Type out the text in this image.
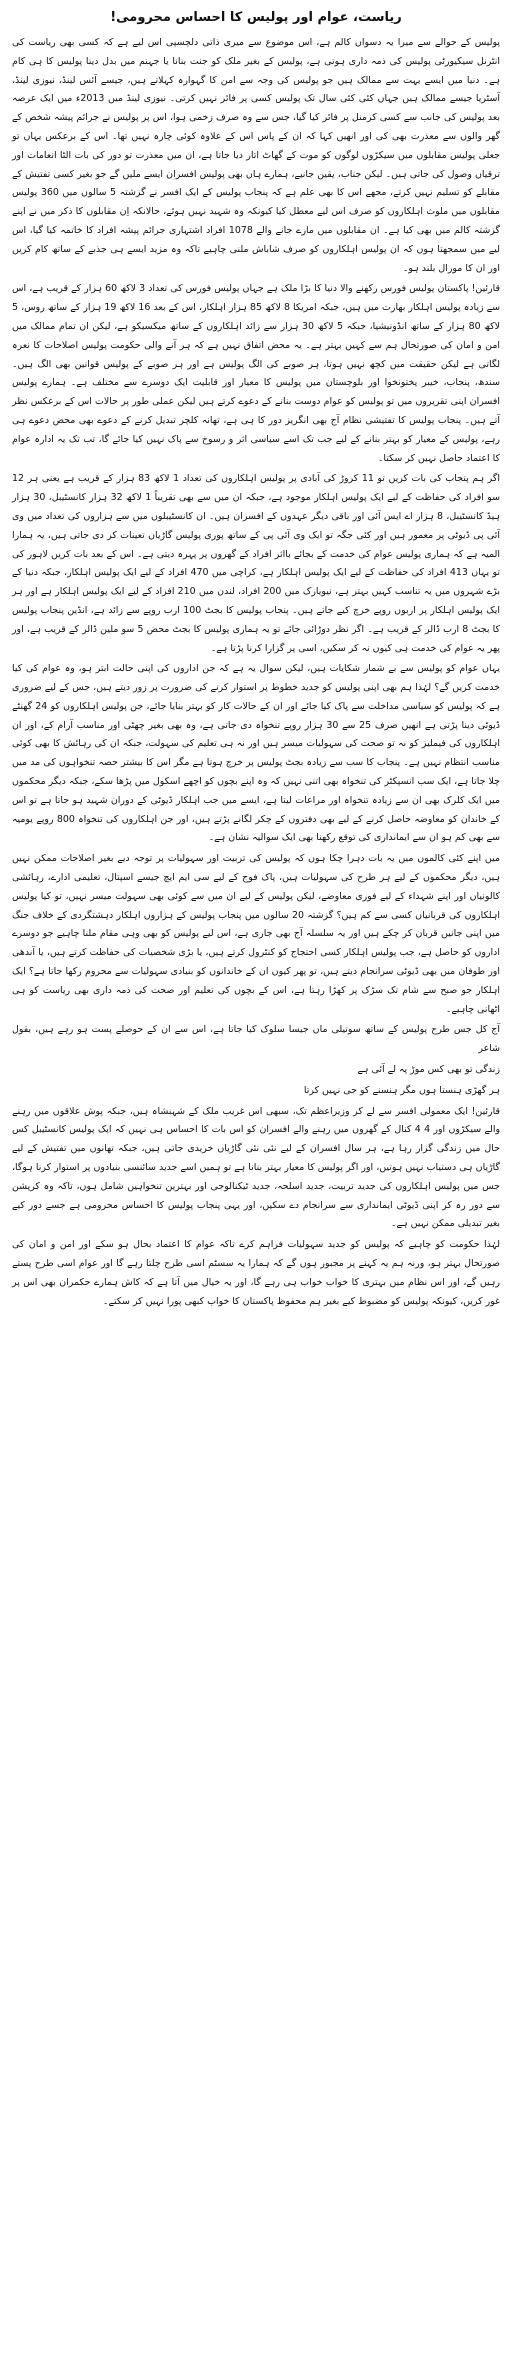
ریاست، عوام اور پولیس کا احساس محرومی!

پولیس کے حوالے سے میرا یہ دسواں کالم ہے، اس موضوع سے میری ذاتی دلچسپی اس لیے ہے کہ کسی بھی ریاست کی انٹرنل سیکیورٹی پولیس کی ذمہ داری ہوتی ہے، پولیس کے بغیر ملک کو جنت بنانا یا جہنم میں بدل دینا پولیس کا ہی کام ہے۔ دنیا میں ایسے بہت سے ممالک ہیں جو پولیس کی وجہ سے امن کا گہوارہ کہلاتے ہیں، جیسے آئس لینڈ، نیوزی لینڈ، آسٹریا جیسے ممالک ہیں جہاں کئی کئی سال تک پولیس کسی پر فائر نہیں کرتی۔ نیوزی لینڈ میں 2013ء میں ایک عرصہ بعد پولیس کی جانب سے کسی کرمنل پر فائر کیا گیا، جس سے وہ صرف زخمی ہوا، اس پر پولیس نے جرائم پیشہ شخص کے گھر والوں سے معذرت بھی کی اور انھیں کہا کہ ان کے پاس اس کے علاوہ کوئی چارہ نہیں تھا۔ اس کے برعکس یہاں تو جعلی پولیس مقابلوں میں سیکڑوں لوگوں کو موت کے گھاٹ اتار دیا جاتا ہے، ان میں معذرت تو دور کی بات الٹا انعامات اور ترقیاں وصول کی جاتی ہیں۔ لیکن جناب، یقین جانیے، ہمارے ہاں بھی پولیس افسران ایسے ملیں گے جو بغیر کسی تفتیش کے مقابلے کو تسلیم نہیں کرتے، مجھے اس کا بھی علم ہے کہ پنجاب پولیس کے ایک افسر نے گزشتہ 5 سالوں میں 360 پولیس مقابلوں میں ملوث اہلکاروں کو صرف اس لیے معطل کیا کیونکہ وہ شہید نہیں ہوئے، حالانکہ اِن مقابلوں کا ذکر میں نے اپنے گزشتہ کالم میں بھی کیا ہے۔ ان مقابلوں میں مارے جانے والے 1078 افراد اشتہاری جرائم پیشہ افراد کا خاتمہ کیا گیا، اس لیے میں سمجھتا ہوں کہ ان پولیس اہلکاروں کو صرف شاباش ملنی چاہیے تاکہ وہ مزید ایسے ہی جذبے کے ساتھ کام کریں اور ان کا مورال بلند ہو۔

قارئین! پاکستان پولیس فورس رکھنے والا دنیا کا بڑا ملک ہے جہاں پولیس فورس کی تعداد 3 لاکھ 60 ہزار کے قریب ہے، اس سے زیادہ پولیس اہلکار بھارت میں ہیں، جبکہ امریکا 8 لاکھ 85 ہزار اہلکار، اس کے بعد 16 لاکھ 19 ہزار کے ساتھ روس، 5 لاکھ 80 ہزار کے ساتھ انڈونیشیا، جبکہ 5 لاکھ 30 ہزار سے زائد اہلکاروں کے ساتھ میکسیکو ہے، لیکن ان تمام ممالک میں امن و امان کی صورتحال ہم سے کہیں بہتر ہے۔ یہ محض اتفاق نہیں ہے کہ ہر آنے والی حکومت پولیس اصلاحات کا نعرہ لگاتی ہے لیکن حقیقت میں کچھ نہیں ہوتا، ہر صوبے کی الگ پولیس ہے اور ہر صوبے کے پولیس قوانین بھی الگ ہیں۔ سندھ، پنجاب، خیبر پختونخوا اور بلوچستان میں پولیس کا معیار اور قابلیت ایک دوسرے سے مختلف ہے۔ ہمارے پولیس افسران اپنی تقریروں میں تو پولیس کو عوام دوست بنانے کے دعوے کرتے ہیں لیکن عملی طور پر حالات اس کے برعکس نظر آتے ہیں۔ پنجاب پولیس کا تفتیشی نظام آج بھی انگریز دور کا ہی ہے، تھانہ کلچر تبدیل کرنے کے دعوے بھی محض دعوے ہی رہے، پولیس کے معیار کو بہتر بنانے کے لیے جب تک اسے سیاسی اثر و رسوخ سے پاک نہیں کیا جائے گا، تب تک یہ ادارہ عوام کا اعتماد حاصل نہیں کر سکتا۔

اگر ہم پنجاب کی بات کریں تو 11 کروڑ کی آبادی پر پولیس اہلکاروں کی تعداد 1 لاکھ 83 ہزار کے قریب ہے یعنی ہر 12 سو افراد کی حفاظت کے لیے ایک پولیس اہلکار موجود ہے، جبکہ ان میں سے بھی تقریباً 1 لاکھ 32 ہزار کانسٹیبل، 30 ہزار ہیڈ کانسٹیبل، 8 ہزار اے ایس آئی اور باقی دیگر عہدوں کے افسران ہیں۔ ان کانسٹیبلوں میں سے ہزاروں کی تعداد میں وی آئی پی ڈیوٹی پر معمور ہیں اور کئی جگہ تو ایک وی آئی پی کے ساتھ پوری پولیس گاڑیاں تعینات کر دی جاتی ہیں، یہ ہمارا المیہ ہے کہ ہماری پولیس عوام کی خدمت کے بجائے بااثر افراد کے گھروں پر پہرہ دیتی ہے۔ اس کے بعد بات کریں لاہور کی تو یہاں 413 افراد کی حفاظت کے لیے ایک پولیس اہلکار ہے، کراچی میں 470 افراد کے لیے ایک پولیس اہلکار، جبکہ دنیا کے بڑے شہروں میں یہ تناسب کہیں بہتر ہے، نیویارک میں 200 افراد، لندن میں 210 افراد کے لیے ایک پولیس اہلکار ہے اور ہر ایک پولیس اہلکار پر اربوں روپے خرچ کیے جاتے ہیں۔ پنجاب پولیس کا بجٹ 100 ارب روپے سے زائد ہے، انڈین پنجاب پولیس کا بجٹ 8 ارب ڈالر کے قریب ہے۔ اگر نظر دوڑائی جائے تو یہ ہماری پولیس کا بجٹ محض 5 سو ملین ڈالر کے قریب ہے، اور پھر یہ عوام کی خدمت ہی کیوں نہ کر سکیں، اسی پر گزارا کرنا پڑتا ہے۔

یہاں عوام کو پولیس سے بے شمار شکایات ہیں، لیکن سوال یہ ہے کہ جن اداروں کی اپنی حالت ابتر ہو، وہ عوام کی کیا خدمت کریں گے؟ لہٰذا ہم بھی اپنی پولیس کو جدید خطوط پر استوار کرنے کی ضرورت پر زور دیتے ہیں، جس کے لیے ضروری ہے کہ پولیس کو سیاسی مداخلت سے پاک کیا جائے اور ان کے حالات کار کو بہتر بنایا جائے، جن پولیس اہلکاروں کو 24 گھنٹے ڈیوٹی دینا پڑتی ہے انھیں صرف 25 سے 30 ہزار روپے تنخواہ دی جاتی ہے، وہ بھی بغیر چھٹی اور مناسب آرام کے، اور ان اہلکاروں کی فیملیز کو نہ تو صحت کی سہولیات میسر ہیں اور نہ ہی تعلیم کی سہولت، جبکہ ان کی رہائش کا بھی کوئی مناسب انتظام نہیں ہے۔ پنجاب کا سب سے زیادہ بجٹ پولیس پر خرچ ہوتا ہے مگر اس کا بیشتر حصہ تنخواہوں کی مد میں چلا جاتا ہے، ایک سب انسپکٹر کی تنخواہ بھی اتنی نہیں کہ وہ اپنے بچوں کو اچھے اسکول میں پڑھا سکے، جبکہ دیگر محکموں میں ایک کلرک بھی ان سے زیادہ تنخواہ اور مراعات لیتا ہے، ایسے میں جب اہلکار ڈیوٹی کے دوران شہید ہو جاتا ہے تو اس کے خاندان کو معاوضہ حاصل کرنے کے لیے بھی دفتروں کے چکر لگانے پڑتے ہیں، اور جن اہلکاروں کی تنخواہ 800 روپے یومیہ سے بھی کم ہو ان سے ایمانداری کی توقع رکھنا بھی ایک سوالیہ نشان ہے۔

میں اپنے کئی کالموں میں یہ بات دہرا چکا ہوں کہ پولیس کی تربیت اور سہولیات پر توجہ دیے بغیر اصلاحات ممکن نہیں ہیں، دیگر محکموں کے لیے ہر طرح کی سہولیات ہیں، پاک فوج کے لیے سی ایم ایچ جیسے اسپتال، تعلیمی ادارے، رہائشی کالونیاں اور اپنے شہداء کے لیے فوری معاوضے، لیکن پولیس کے لیے ان میں سے کوئی بھی سہولت میسر نہیں، تو کیا پولیس اہلکاروں کی قربانیاں کسی سے کم ہیں؟ گزشتہ 20 سالوں میں پنجاب پولیس کے ہزاروں اہلکار دہشتگردی کے خلاف جنگ میں اپنی جانیں قربان کر چکے ہیں اور یہ سلسلہ آج بھی جاری ہے، اس لیے پولیس کو بھی وہی مقام ملنا چاہیے جو دوسرے اداروں کو حاصل ہے، جب پولیس اہلکار کسی احتجاج کو کنٹرول کرتے ہیں، یا بڑی شخصیات کی حفاظت کرتے ہیں، یا آندھی اور طوفان میں بھی ڈیوٹی سرانجام دیتے ہیں، تو پھر کیوں ان کے خاندانوں کو بنیادی سہولیات سے محروم رکھا جاتا ہے؟ ایک اہلکار جو صبح سے شام تک سڑک پر کھڑا رہتا ہے، اس کے بچوں کی تعلیم اور صحت کی ذمہ داری بھی ریاست کو ہی اٹھانی چاہیے۔

آج کل جس طرح پولیس کے ساتھ سوتیلی ماں جیسا سلوک کیا جاتا ہے، اس سے ان کے حوصلے پست ہو رہے ہیں، بقول شاعر

زندگی تو بھی کس موڑ پہ لے آئی ہے

ہر گھڑی ہنستا ہوں مگر ہنسنے کو جی نہیں کرتا

قارئین! ایک معمولی افسر سے لے کر وزیراعظم تک، سبھی اس غریب ملک کے شہنشاہ ہیں، جبکہ پوش علاقوں میں رہنے والے سیکڑوں اور 4 4 کنال کے گھروں میں رہنے والے افسران کو اس بات کا احساس ہی نہیں کہ ایک پولیس کانسٹیبل کس حال میں زندگی گزار رہا ہے، ہر سال افسران کے لیے نئی نئی گاڑیاں خریدی جاتی ہیں، جبکہ تھانوں میں تفتیش کے لیے گاڑیاں ہی دستیاب نہیں ہوتیں، اور اگر پولیس کا معیار بہتر بنانا ہے تو ہمیں اسے جدید سائنسی بنیادوں پر استوار کرنا ہوگا، جس میں پولیس اہلکاروں کی جدید تربیت، جدید اسلحہ، جدید ٹیکنالوجی اور بہترین تنخواہیں شامل ہوں، تاکہ وہ کرپشن سے دور رہ کر اپنی ڈیوٹی ایمانداری سے سرانجام دے سکیں، اور یہی پنجاب پولیس کا احساس محرومی ہے جسے دور کیے بغیر تبدیلی ممکن نہیں ہے۔

لہٰذا حکومت کو چاہیے کہ پولیس کو جدید سہولیات فراہم کرے تاکہ عوام کا اعتماد بحال ہو سکے اور امن و امان کی صورتحال بہتر ہو، ورنہ ہم یہ کہنے پر مجبور ہوں گے کہ ہمارا یہ سسٹم اسی طرح چلتا رہے گا اور عوام اسی طرح پستے رہیں گے، اور اس نظام میں بہتری کا خواب خواب ہی رہے گا، اور یہ خیال میں آتا ہے کہ کاش ہمارے حکمران بھی اس پر غور کریں، کیونکہ پولیس کو مضبوط کیے بغیر ہم محفوظ پاکستان کا خواب کبھی پورا نہیں کر سکتے۔
